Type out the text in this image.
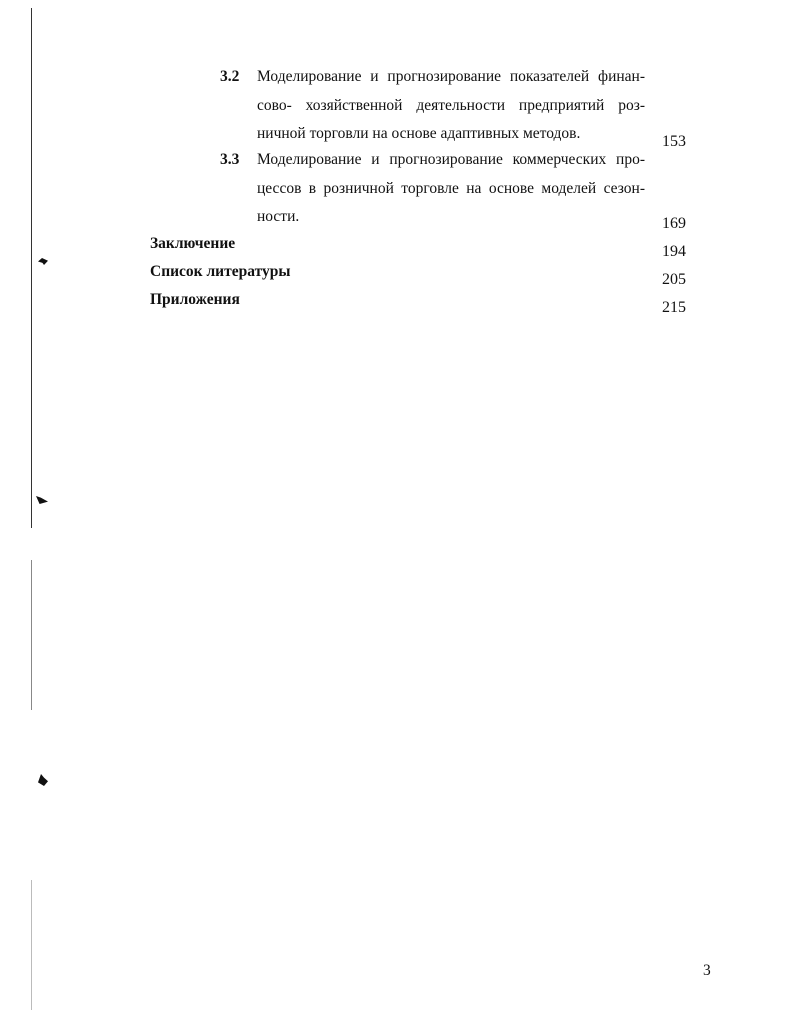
3.2 Моделирование и прогнозирование показателей финан-
сово- хозяйственной деятельности предприятий роз-
ничной торговли на основе адаптивных методов.	153
3.3 Моделирование и прогнозирование коммерческих про-
цессов в розничной торговле на основе моделей сезон-
ности.	169
Заключение	194
Список литературы	205
Приложения	215
3
